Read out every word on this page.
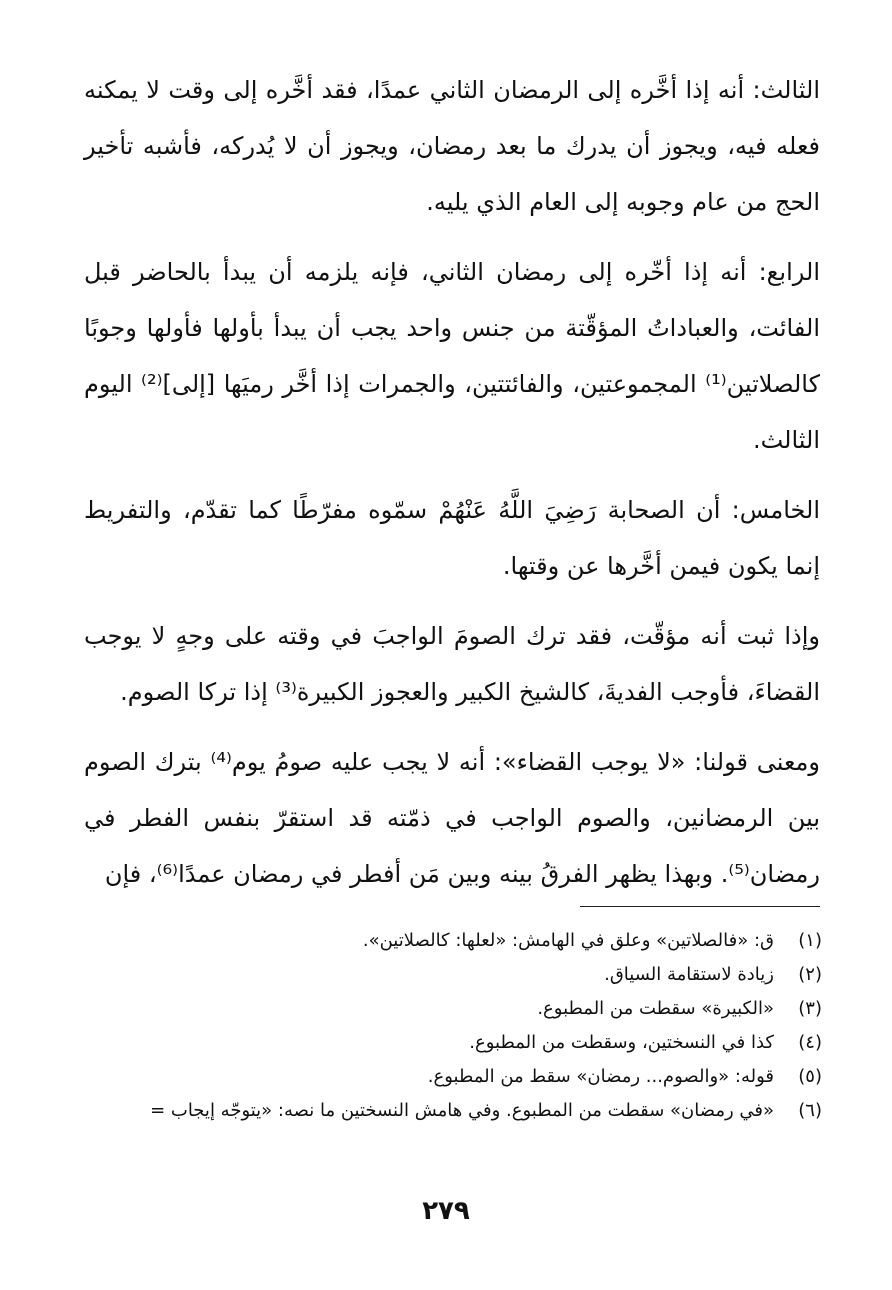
الثالث: أنه إذا أخَّره إلى الرمضان الثاني عمدًا، فقد أخَّره إلى وقت لا يمكنه فعله فيه، ويجوز أن يدرك ما بعد رمضان، ويجوز أن لا يُدركه، فأشبه تأخير الحج من عام وجوبه إلى العام الذي يليه.

الرابع: أنه إذا أخّره إلى رمضان الثاني، فإنه يلزمه أن يبدأ بالحاضر قبل الفائت، والعباداتُ المؤقّتة من جنس واحد يجب أن يبدأ بأولها فأولها وجوبًا كالصلاتين⁽¹⁾ المجموعتين، والفائتتين، والجمرات إذا أخَّر رميَها [إلى]⁽²⁾ اليوم الثالث.

الخامس: أن الصحابة رَضِيَ اللَّهُ عَنْهُمْ سمّوه مفرّطًا كما تقدّم، والتفريط إنما يكون فيمن أخَّرها عن وقتها.

وإذا ثبت أنه مؤقّت، فقد ترك الصومَ الواجبَ في وقته على وجهٍ لا يوجب القضاءَ، فأوجب الفديةَ، كالشيخ الكبير والعجوز الكبيرة⁽³⁾ إذا تركا الصوم.

ومعنى قولنا: «لا يوجب القضاء»: أنه لا يجب عليه صومُ يوم⁽⁴⁾ بترك الصوم بين الرمضانين، والصوم الواجب في ذمّته قد استقرّ بنفس الفطر في رمضان⁽⁵⁾. وبهذا يظهر الفرقُ بينه وبين مَن أفطر في رمضان عمدًا⁽⁶⁾، فإن

(١)
ق: «فالصلاتين» وعلق في الهامش: «لعلها: كالصلاتين».
(٢)
زيادة لاستقامة السياق.
(٣)
«الكبيرة» سقطت من المطبوع.
(٤)
كذا في النسختين، وسقطت من المطبوع.
(٥)
قوله: «والصوم... رمضان» سقط من المطبوع.
(٦)
«في رمضان» سقطت من المطبوع. وفي هامش النسختين ما نصه: «يتوجّه إيجاب =
٢٧٩
